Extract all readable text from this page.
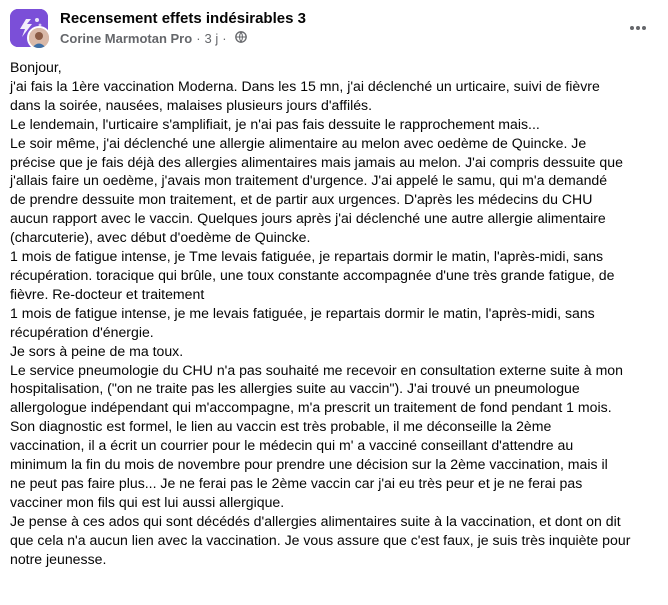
Recensement effets indésirables 3
Corine Marmotan Pro · 3 j ·
Bonjour,
j'ai fais la 1ère vaccination Moderna. Dans les 15 mn, j'ai déclenché un urticaire, suivi de fièvre
dans la soirée, nausées, malaises plusieurs jours d'affilés.
Le lendemain, l'urticaire s'amplifiait, je n'ai pas fais dessuite le rapprochement mais...
Le soir même, j'ai déclenché une allergie alimentaire au melon avec oedème de Quincke. Je
précise que je fais déjà des allergies alimentaires mais jamais au melon. J'ai compris dessuite que
j'allais faire un oedème, j'avais mon traitement d'urgence. J'ai appelé le samu, qui m'a demandé
de prendre dessuite mon traitement, et de partir aux urgences. D'après les médecins du CHU
aucun rapport avec le vaccin. Quelques jours après j'ai déclenché une autre allergie alimentaire
(charcuterie), avec début d'oedème de Quincke.
1 mois de fatigue intense, je Tme levais fatiguée, je repartais dormir le matin, l'après-midi, sans
récupération. toracique qui brûle, une toux constante accompagnée d'une très grande fatigue, de
fièvre. Re-docteur et traitement
1 mois de fatigue intense, je me levais fatiguée, je repartais dormir le matin, l'après-midi, sans
récupération d'énergie.
Je sors à peine de ma toux.
Le service pneumologie du CHU n'a pas souhaité me recevoir en consultation externe suite à mon
hospitalisation, ("on ne traite pas les allergies suite au vaccin"). J'ai trouvé un pneumologue
allergologue indépendant qui m'accompagne, m'a prescrit un traitement de fond pendant 1 mois.
Son diagnostic est formel, le lien au vaccin est très probable, il me déconseille la 2ème
vaccination, il a écrit un courrier pour le médecin qui m' a vacciné conseillant d'attendre au
minimum la fin du mois de novembre pour prendre une décision sur la 2ème vaccination, mais il
ne peut pas faire plus... Je ne ferai pas le 2ème vaccin car j'ai eu très peur et je ne ferai pas
vacciner mon fils qui est lui aussi allergique.
Je pense à ces ados qui sont décédés d'allergies alimentaires suite à la vaccination, et dont on dit
que cela n'a aucun lien avec la vaccination. Je vous assure que c'est faux, je suis très inquiète pour
notre jeunesse.
